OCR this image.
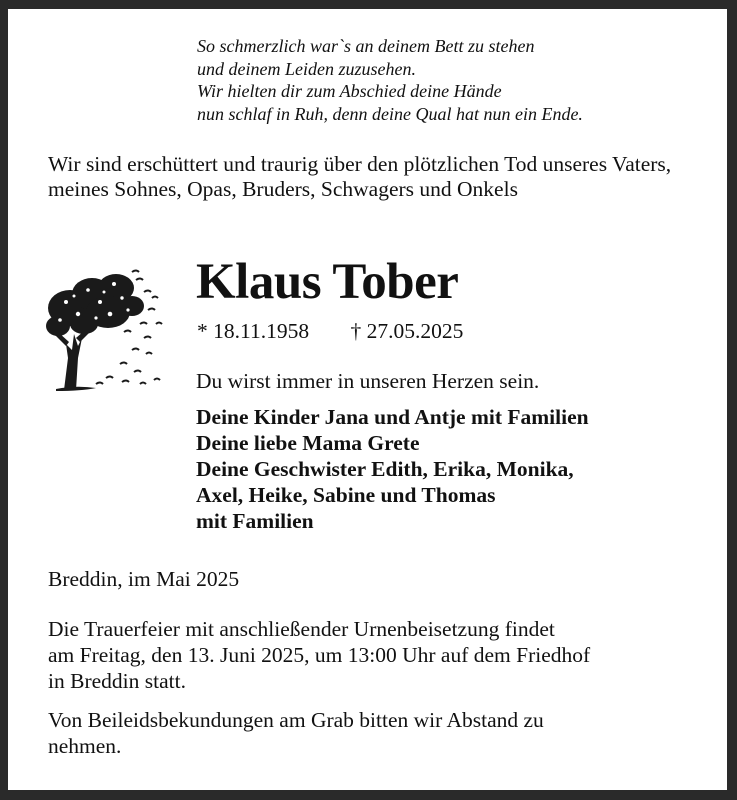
So schmerzlich war`s an deinem Bett zu stehen
und deinem Leiden zuzusehen.
Wir hielten dir zum Abschied deine Hände
nun schlaf in Ruh, denn deine Qual hat nun ein Ende.
Wir sind erschüttert und traurig über den plötzlichen Tod unseres Vaters, meines Sohnes, Opas, Bruders, Schwagers und Onkels
Klaus Tober
* 18.11.1958 † 27.05.2025
Du wirst immer in unseren Herzen sein.
Deine Kinder Jana und Antje mit Familien
Deine liebe Mama Grete
Deine Geschwister Edith, Erika, Monika,
Axel, Heike, Sabine und Thomas
mit Familien
Breddin, im Mai 2025
Die Trauerfeier mit anschließender Urnenbeisetzung findet
am Freitag, den 13. Juni 2025, um 13:00 Uhr auf dem Friedhof
in Breddin statt.
Von Beileidsbekundungen am Grab bitten wir Abstand zu
nehmen.
